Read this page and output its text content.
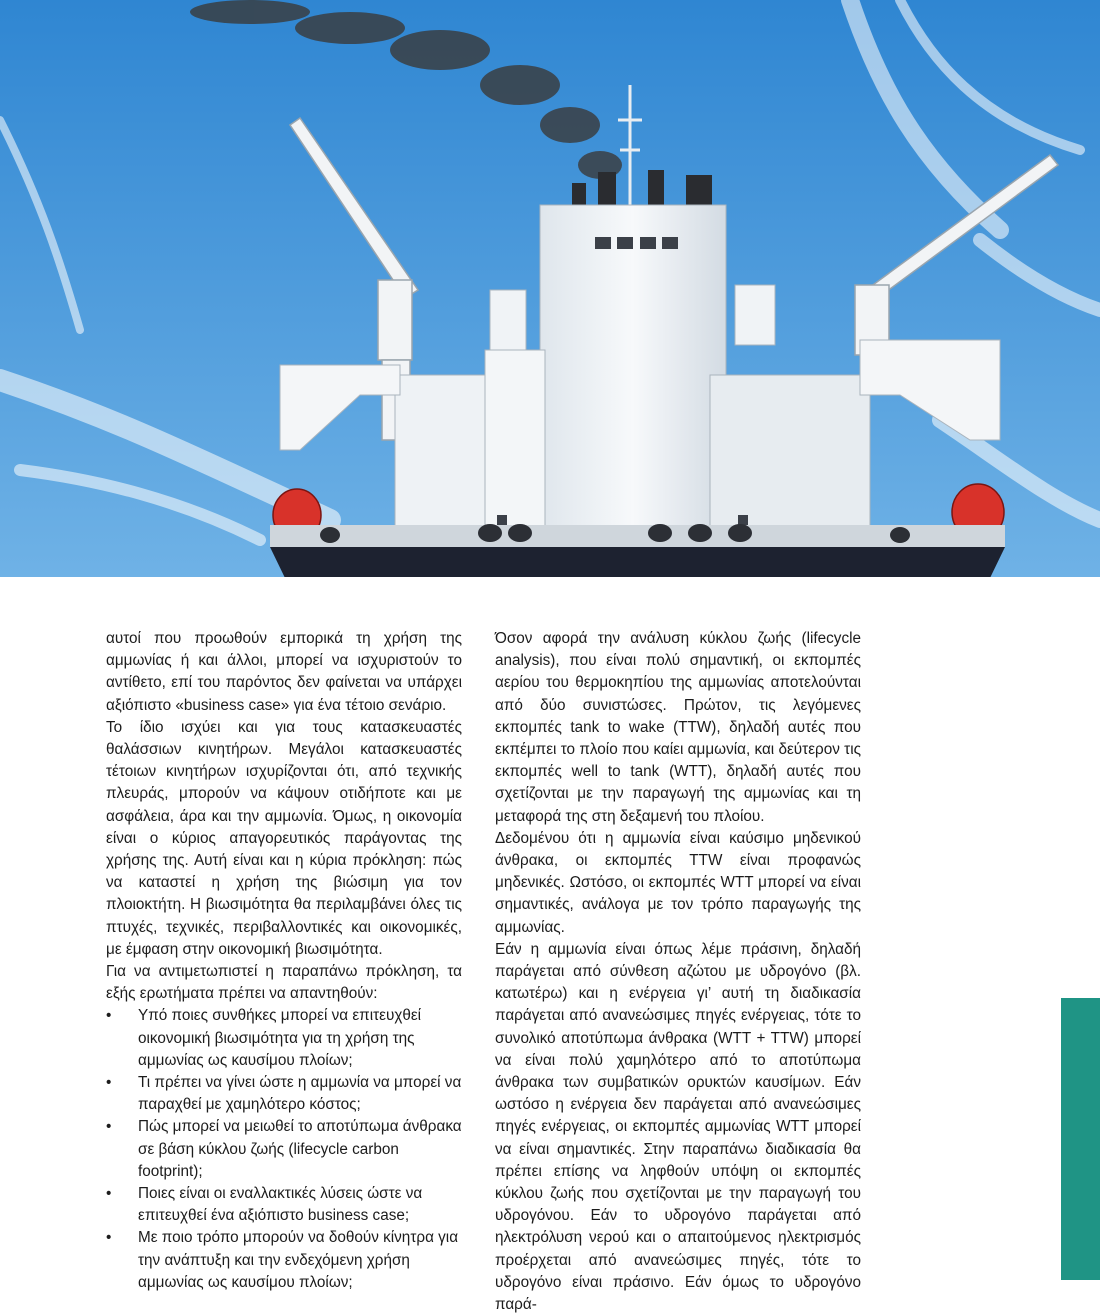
αυτοί που προωθούν εμπορικά τη χρήση της αμμωνίας ή και άλλοι, μπορεί να ισχυριστούν το αντίθετο, επί του παρόντος δεν φαίνεται να υπάρχει αξιόπιστο «business case» για ένα τέτοιο σενάριο.

Το ίδιο ισχύει και για τους κατασκευαστές θαλάσσιων κινητήρων. Μεγάλοι κατασκευαστές τέτοιων κινητήρων ισχυρίζονται ότι, από τεχνικής πλευράς, μπορούν να κάψουν οτιδήποτε και με ασφάλεια, άρα και την αμμωνία. Όμως, η οικονομία είναι ο κύριος απαγορευτικός παράγοντας της χρήσης της. Αυτή είναι και η κύρια πρόκληση: πώς να καταστεί η χρήση της βιώσιμη για τον πλοιοκτήτη. Η βιωσιμότητα θα περιλαμβάνει όλες τις πτυχές, τεχνικές, περιβαλλοντικές και οικονομικές, με έμφαση στην οικονομική βιωσιμότητα.

Για να αντιμετωπιστεί η παραπάνω πρόκληση, τα εξής ερωτήματα πρέπει να απαντηθούν:

• Υπό ποιες συνθήκες μπορεί να επιτευχθεί οικονομική βιωσιμότητα για τη χρήση της αμμωνίας ως καυσίμου πλοίων;
• Τι πρέπει να γίνει ώστε η αμμωνία να μπορεί να παραχθεί με χαμηλότερο κόστος;
• Πώς μπορεί να μειωθεί το αποτύπωμα άνθρακα σε βάση κύκλου ζωής (lifecycle carbon footprint);
• Ποιες είναι οι εναλλακτικές λύσεις ώστε να επιτευχθεί ένα αξιόπιστο business case;
• Με ποιο τρόπο μπορούν να δοθούν κίνητρα για την ανάπτυξη και την ενδεχόμενη χρήση αμμωνίας ως καυσίμου πλοίων;

Όσον αφορά την ανάλυση κύκλου ζωής (lifecycle analysis), που είναι πολύ σημαντική, οι εκπομπές αερίου του θερμοκηπίου της αμμωνίας αποτελούνται από δύο συνιστώσες. Πρώτον, τις λεγόμενες εκπομπές tank to wake (TTW), δηλαδή αυτές που εκπέμπει το πλοίο που καίει αμμωνία, και δεύτερον τις εκπομπές well to tank (WTT), δηλαδή αυτές που σχετίζονται με την παραγωγή της αμμωνίας και τη μεταφορά της στη δεξαμενή του πλοίου.

Δεδομένου ότι η αμμωνία είναι καύσιμο μηδενικού άνθρακα, οι εκπομπές TTW είναι προφανώς μηδενικές. Ωστόσο, οι εκπομπές WTT μπορεί να είναι σημαντικές, ανάλογα με τον τρόπο παραγωγής της αμμωνίας.

Εάν η αμμωνία είναι όπως λέμε πράσινη, δηλαδή παράγεται από σύνθεση αζώτου με υδρογόνο (βλ. κατωτέρω) και η ενέργεια γι’ αυτή τη διαδικασία παράγεται από ανανεώσιμες πηγές ενέργειας, τότε το συνολικό αποτύπωμα άνθρακα (WTT + TTW) μπορεί να είναι πολύ χαμηλότερο από το αποτύπωμα άνθρακα των συμβατικών ορυκτών καυσίμων. Εάν ωστόσο η ενέργεια δεν παράγεται από ανανεώσιμες πηγές ενέργειας, οι εκπομπές αμμωνίας WTT μπορεί να είναι σημαντικές. Στην παραπάνω διαδικασία θα πρέπει επίσης να ληφθούν υπόψη οι εκπομπές κύκλου ζωής που σχετίζονται με την παραγωγή του υδρογόνου. Εάν το υδρογόνο παράγεται από ηλεκτρόλυση νερού και ο απαιτούμενος ηλεκτρισμός προέρχεται από ανανεώσιμες πηγές, τότε το υδρογόνο είναι πράσινο. Εάν όμως το υδρογόνο παρά-
